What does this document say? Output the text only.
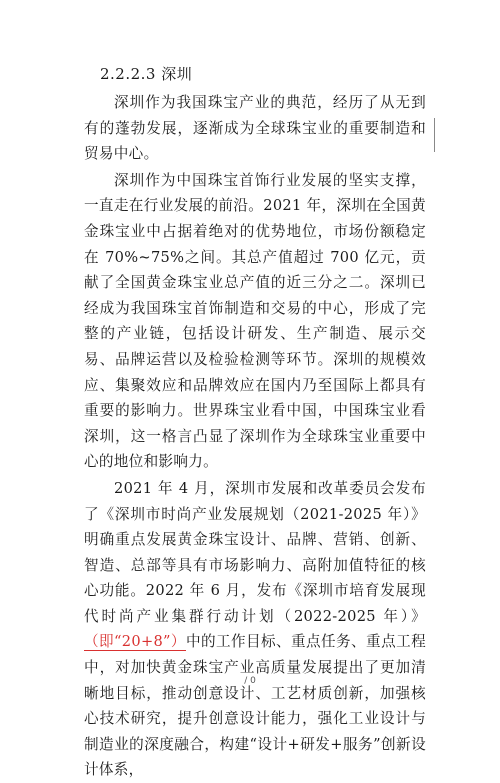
2.2.2.3 深圳

深圳作为我国珠宝产业的典范，经历了从无到有的蓬勃发展，逐渐成为全球珠宝业的重要制造和贸易中心。

深圳作为中国珠宝首饰行业发展的坚实支撑，一直走在行业发展的前沿。2021 年，深圳在全国黄金珠宝业中占据着绝对的优势地位，市场份额稳定在 70%~75%之间。其总产值超过 700 亿元，贡献了全国黄金珠宝业总产值的近三分之二。深圳已经成为我国珠宝首饰制造和交易的中心，形成了完整的产业链，包括设计研发、生产制造、展示交易、品牌运营以及检验检测等环节。深圳的规模效应、集聚效应和品牌效应在国内乃至国际上都具有重要的影响力。世界珠宝业看中国，中国珠宝业看深圳，这一格言凸显了深圳作为全球珠宝业重要中心的地位和影响力。

2021 年 4 月，深圳市发展和改革委员会发布了《深圳市时尚产业发展规划（2021-2025 年）》明确重点发展黄金珠宝设计、品牌、营销、创新、智造、总部等具有市场影响力、高附加值特征的核心功能。2022 年 6 月，发布《深圳市培育发展现代时尚产业集群行动计划（2022-2025 年）》（即“20+8”）中的工作目标、重点任务、重点工程中，对加快黄金珠宝产业高质量发展提出了更加清晰地目标，推动创意设计、工艺材质创新，加强核心技术研究，提升创意设计能力，强化工业设计与制造业的深度融合，构建“设计+研发+服务”创新设计体系，

/ 0
